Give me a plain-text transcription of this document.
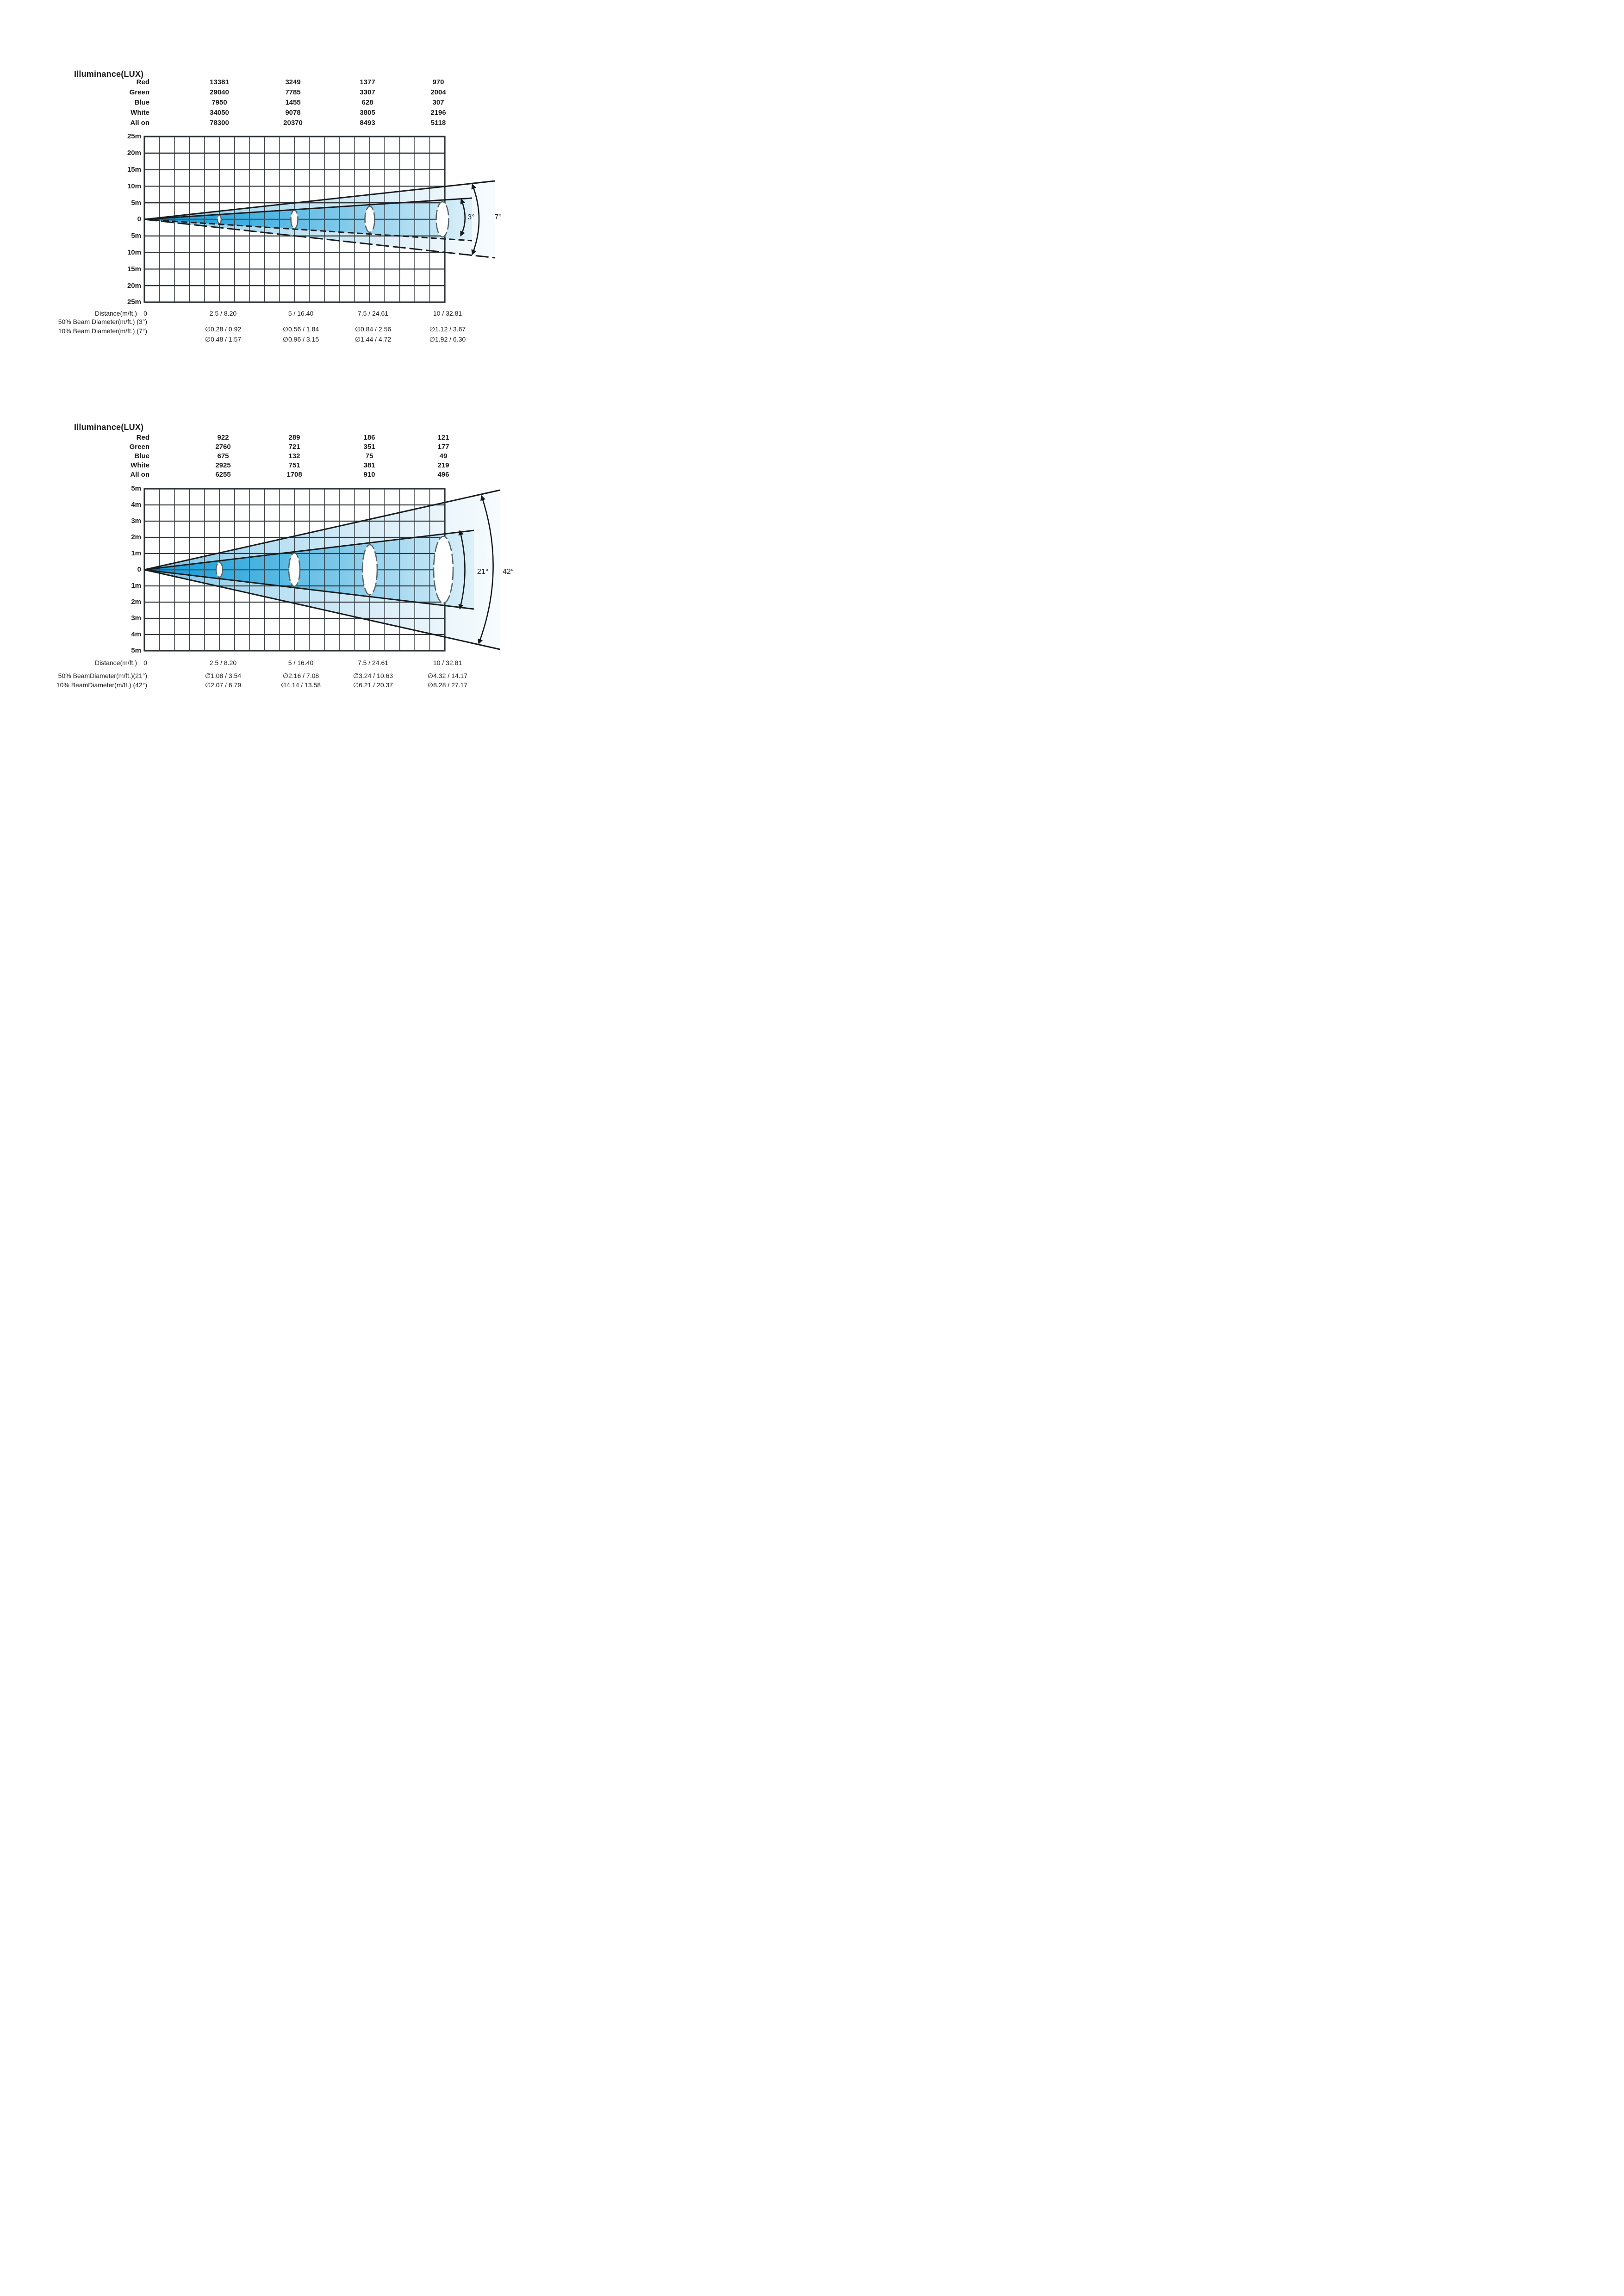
Illuminance(LUX)
Red	13381	3249	1377	970
Green	29040	7785	3307	2004
Blue	7950	1455	628	307
White	34050	9078	3805	2196
All on	78300	20370	8493	5118
25m
20m
15m
10m
5m
0
5m
10m
15m
20m
25m
3°	7°
Distance(m/ft.)	0	2.5 / 8.20	5 / 16.40	7.5 / 24.61	10 / 32.81
50% Beam Diameter(m/ft.) (3°)
∅0.28 / 0.92	∅0.56 / 1.84	∅0.84 / 2.56	∅1.12 / 3.67
10% Beam Diameter(m/ft.) (7°)
∅0.48 / 1.57	∅0.96 / 3.15	∅1.44 / 4.72	∅1.92 / 6.30
Illuminance(LUX)
Red	922	289	186	121
Green	2760	721	351	177
Blue	675	132	75	49
White	2925	751	381	219
All on	6255	1708	910	496
5m
4m
3m
2m
1m
0
1m
2m
3m
4m
5m
21°	42°
Distance(m/ft.)	0	2.5 / 8.20	5 / 16.40	7.5 / 24.61	10 / 32.81
50% BeamDiameter(m/ft.)(21°)	∅1.08 / 3.54	∅2.16 / 7.08	∅3.24 / 10.63	∅4.32 / 14.17
10% BeamDiameter(m/ft.) (42°)	∅2.07 / 6.79	∅4.14 / 13.58	∅6.21 / 20.37	∅8.28 / 27.17
